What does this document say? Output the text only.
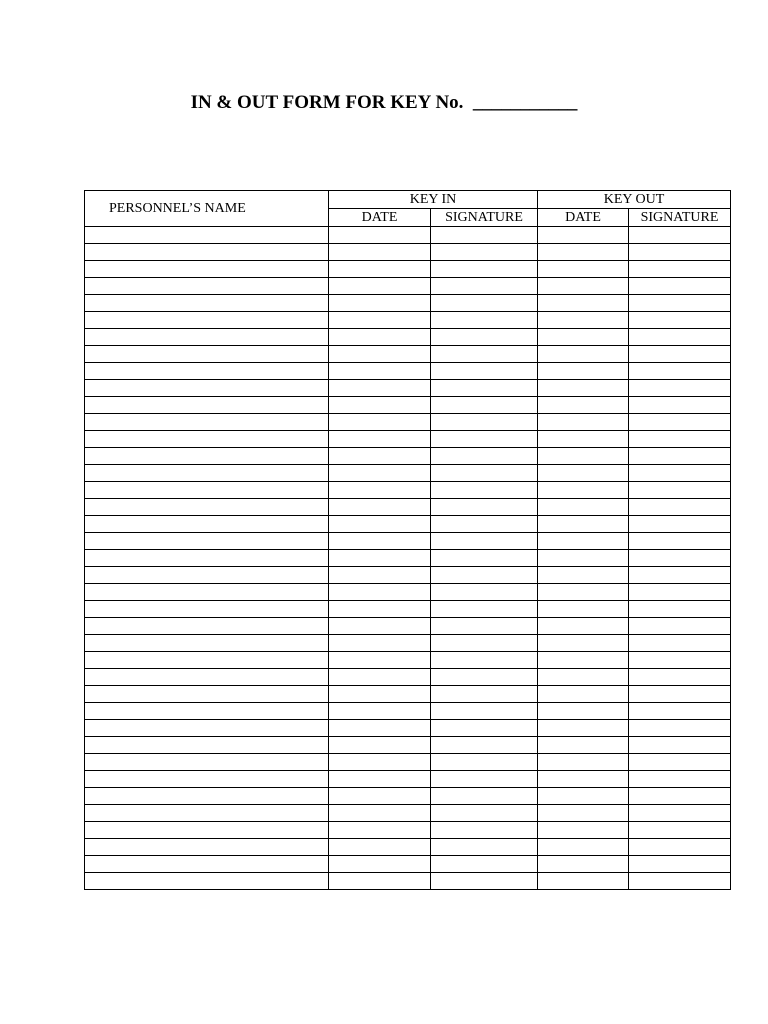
IN & OUT FORM FOR KEY No.  ___________
PERSONNEL’S NAME	KEY IN		KEY OUT	
	DATE	SIGNATURE	DATE	SIGNATURE
